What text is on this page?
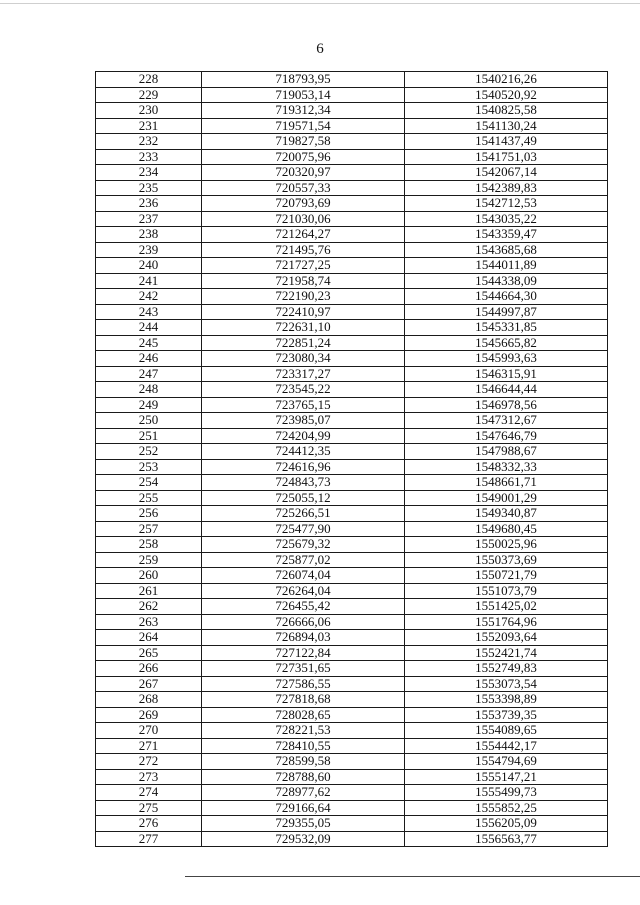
6
228	718793,95	1540216,26
229	719053,14	1540520,92
230	719312,34	1540825,58
231	719571,54	1541130,24
232	719827,58	1541437,49
233	720075,96	1541751,03
234	720320,97	1542067,14
235	720557,33	1542389,83
236	720793,69	1542712,53
237	721030,06	1543035,22
238	721264,27	1543359,47
239	721495,76	1543685,68
240	721727,25	1544011,89
241	721958,74	1544338,09
242	722190,23	1544664,30
243	722410,97	1544997,87
244	722631,10	1545331,85
245	722851,24	1545665,82
246	723080,34	1545993,63
247	723317,27	1546315,91
248	723545,22	1546644,44
249	723765,15	1546978,56
250	723985,07	1547312,67
251	724204,99	1547646,79
252	724412,35	1547988,67
253	724616,96	1548332,33
254	724843,73	1548661,71
255	725055,12	1549001,29
256	725266,51	1549340,87
257	725477,90	1549680,45
258	725679,32	1550025,96
259	725877,02	1550373,69
260	726074,04	1550721,79
261	726264,04	1551073,79
262	726455,42	1551425,02
263	726666,06	1551764,96
264	726894,03	1552093,64
265	727122,84	1552421,74
266	727351,65	1552749,83
267	727586,55	1553073,54
268	727818,68	1553398,89
269	728028,65	1553739,35
270	728221,53	1554089,65
271	728410,55	1554442,17
272	728599,58	1554794,69
273	728788,60	1555147,21
274	728977,62	1555499,73
275	729166,64	1555852,25
276	729355,05	1556205,09
277	729532,09	1556563,77
